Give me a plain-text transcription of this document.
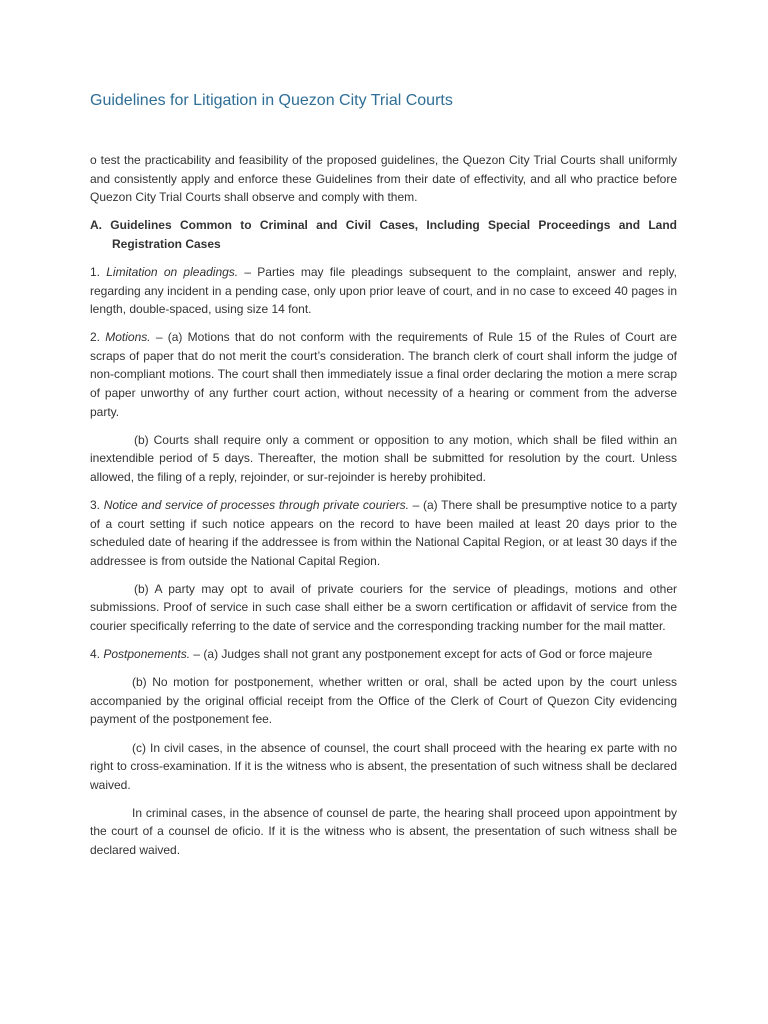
Guidelines for Litigation in Quezon City Trial Courts

o test the practicability and feasibility of the proposed guidelines, the Quezon City Trial Courts shall uniformly and consistently apply and enforce these Guidelines from their date of effectivity, and all who practice before Quezon City Trial Courts shall observe and comply with them.

A. Guidelines Common to Criminal and Civil Cases, Including Special Proceedings and Land Registration Cases

1. Limitation on pleadings. – Parties may file pleadings subsequent to the complaint, answer and reply, regarding any incident in a pending case, only upon prior leave of court, and in no case to exceed 40 pages in length, double-spaced, using size 14 font.

2. Motions. – (a) Motions that do not conform with the requirements of Rule 15 of the Rules of Court are scraps of paper that do not merit the court’s consideration. The branch clerk of court shall inform the judge of non-compliant motions. The court shall then immediately issue a final order declaring the motion a mere scrap of paper unworthy of any further court action, without necessity of a hearing or comment from the adverse party.

(b) Courts shall require only a comment or opposition to any motion, which shall be filed within an inextendible period of 5 days. Thereafter, the motion shall be submitted for resolution by the court. Unless allowed, the filing of a reply, rejoinder, or sur-rejoinder is hereby prohibited.

3. Notice and service of processes through private couriers. – (a) There shall be presumptive notice to a party of a court setting if such notice appears on the record to have been mailed at least 20 days prior to the scheduled date of hearing if the addressee is from within the National Capital Region, or at least 30 days if the addressee is from outside the National Capital Region.

(b) A party may opt to avail of private couriers for the service of pleadings, motions and other submissions. Proof of service in such case shall either be a sworn certification or affidavit of service from the courier specifically referring to the date of service and the corresponding tracking number for the mail matter.

4. Postponements. – (a) Judges shall not grant any postponement except for acts of God or force majeure

(b) No motion for postponement, whether written or oral, shall be acted upon by the court unless accompanied by the original official receipt from the Office of the Clerk of Court of Quezon City evidencing payment of the postponement fee.

(c) In civil cases, in the absence of counsel, the court shall proceed with the hearing ex parte with no right to cross-examination. If it is the witness who is absent, the presentation of such witness shall be declared waived.

In criminal cases, in the absence of counsel de parte, the hearing shall proceed upon appointment by the court of a counsel de oficio. If it is the witness who is absent, the presentation of such witness shall be declared waived.
